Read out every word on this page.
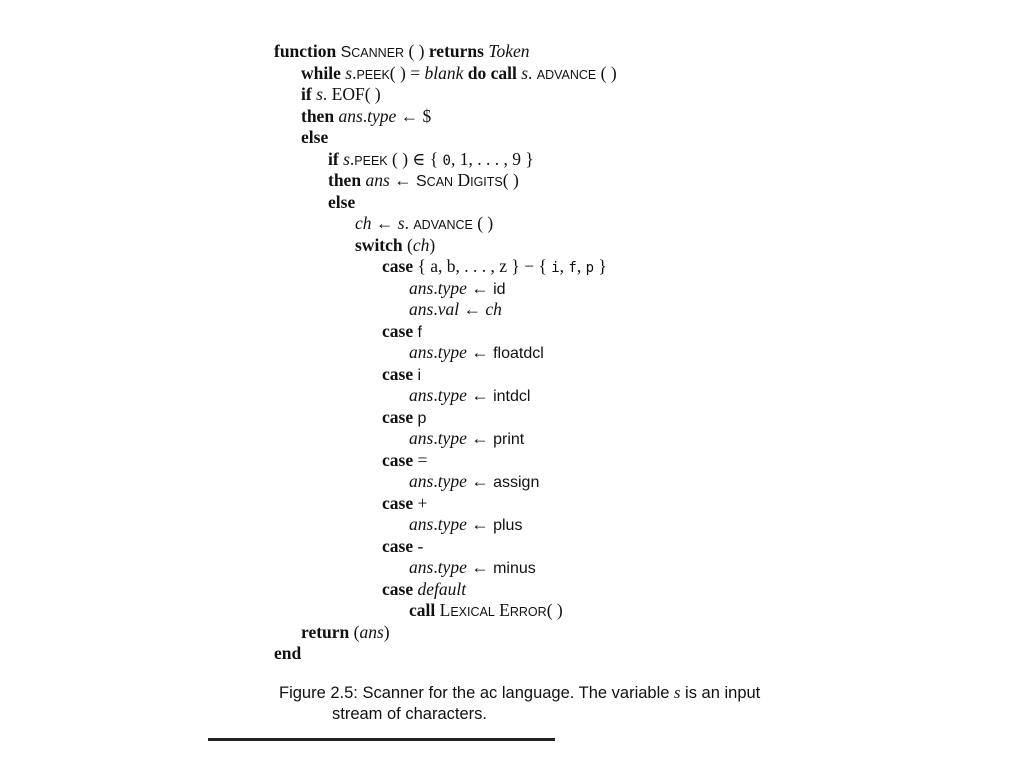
function SCANNER ( ) returns Token
while s.PEEK( ) = blank do call s. ADVANCE ( )
if s. EOF( )
then ans.type ← $
else
if s.PEEK ( ) ∈ { 0, 1, . . . , 9 }
then ans ← SCAN DIGITS( )
else
ch ← s. ADVANCE ( )
switch (ch)
case { a, b, . . . , z } − { i, f, p }
ans.type ← id
ans.val ← ch
case f
ans.type ← floatdcl
case i
ans.type ← intdcl
case p
ans.type ← print
case =
ans.type ← assign
case +
ans.type ← plus
case -
ans.type ← minus
case default
call LEXICAL ERROR( )
return (ans)
end
Figure 2.5: Scanner for the ac language. The variable s is an input
stream of characters.
